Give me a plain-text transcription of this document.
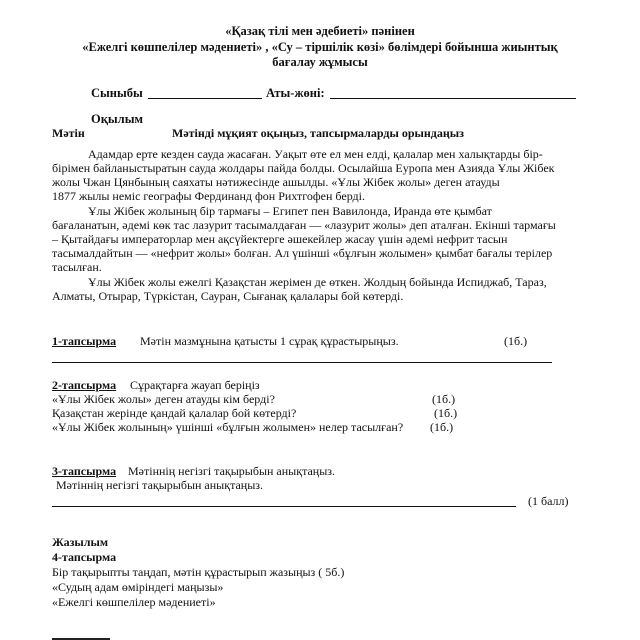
«Қазақ тілі мен әдебиеті» пәнінен
«Ежелгі көшпелілер мәдениеті» , «Су – тіршілік көзі» бөлімдері бойынша жиынтық
бағалау жұмысы
Сыныбы	Аты-жөні:
Оқылым
Мәтін	Мәтінді мұқият оқыңыз, тапсырмаларды орындаңыз
Адамдар ерте кезден сауда жасаған. Уақыт өте ел мен елді, қалалар мен халықтарды бір-
бірімен байланыстыратын сауда жолдары пайда болды. Осылайша Еуропа мен Азияда Ұлы Жібек
жолы Чжан Цянбының саяхаты нәтижесінде ашылды. «Ұлы Жібек жолы» деген атауды
1877 жылы неміс географы Фердинанд фон Рихтгофен берді.
Ұлы Жібек жолының бір тармағы – Египет пен Вавилонда, Иранда өте қымбат
бағаланатын, әдемі көк тас лазурит тасымалдаған — «лазурит жолы» деп аталған. Екінші тармағы
– Қытайдағы императорлар мен ақсүйектерге әшекейлер жасау үшін әдемі нефрит тасын
тасымалдайтын — «нефрит жолы» болған. Ал үшінші «бұлғын жолымен» қымбат бағалы терілер
тасылған.
Ұлы Жібек жолы ежелгі Қазақстан жерімен де өткен. Жолдың бойында Испиджаб, Тараз,
Алматы, Отырар, Түркістан, Сауран, Сығанақ қалалары бой көтерді.
1-тапсырма Мәтін мазмұнына қатысты 1 сұрақ құрастырыңыз.	(1б.)
2-тапсырма Сұрақтарға жауап беріңіз
«Ұлы Жібек жолы» деген атауды кім берді?	(1б.)
Қазақстан жерінде қандай қалалар бой көтерді?	(1б.)
«Ұлы Жібек жолының» үшінші «бұлғын жолымен» нелер тасылған? (1б.)
3-тапсырма Мәтіннің негізгі тақырыбын анықтаңыз.
Мәтіннің негізгі тақырыбын анықтаңыз.
(1 балл)
Жазылым
4-тапсырма
Бір тақырыпты таңдап, мәтін құрастырып жазыңыз ( 5б.)
«Судың адам өміріндегі маңызы»
«Ежелгі көшпелілер мәдениеті»
